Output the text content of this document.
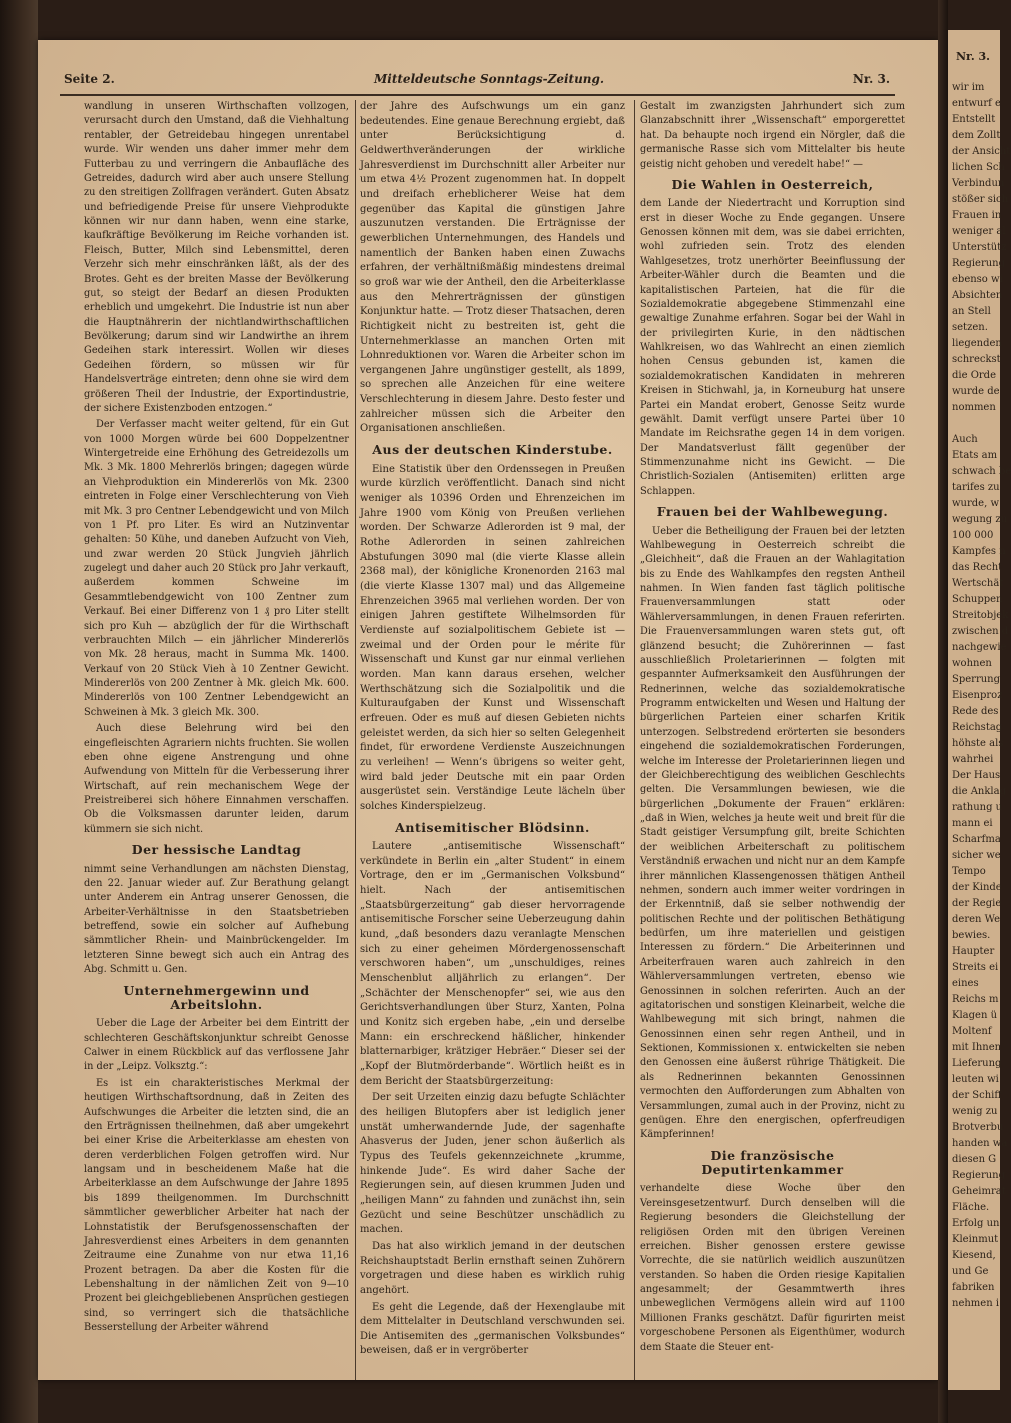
Seite 2.	Mitteldeutsche Sonntags-Zeitung.	Nr. 3.

wandlung in unseren Wirthschaften vollzogen, verursacht durch den Umstand, daß die Viehhaltung rentabler, der Getreidebau hingegen unrentabel wurde. Wir wenden uns daher immer mehr dem Futterbau zu und verringern die Anbaufläche des Getreides, dadurch wird aber auch unsere Stellung zu den streitigen Zollfragen verändert. Guten Absatz und befriedigende Preise für unsere Viehprodukte können wir nur dann haben, wenn eine starke, kaufkräftige Bevölkerung im Reiche vorhanden ist. Fleisch, Butter, Milch sind Lebensmittel, deren Verzehr sich mehr einschränken läßt, als der des Brotes. Geht es der breiten Masse der Bevölkerung gut, so steigt der Bedarf an diesen Produkten erheblich und umgekehrt. Die Industrie ist nun aber die Hauptnährerin der nichtlandwirthschaftlichen Bevölkerung; darum sind wir Landwirthe an ihrem Gedeihen stark interessirt. Wollen wir dieses Gedeihen fördern, so müssen wir für Handelsverträge eintreten; denn ohne sie wird dem größeren Theil der Industrie, der Exportindustrie, der sichere Existenzboden entzogen.“

Der Verfasser macht weiter geltend, für ein Gut von 1000 Morgen würde bei 600 Doppelzentner Wintergetreide eine Erhöhung des Getreidezolls um Mk. 3 Mk. 1800 Mehrerlös bringen; dagegen würde an Viehproduktion ein Mindererlös von Mk. 2300 eintreten in Folge einer Verschlechterung von Vieh mit Mk. 3 pro Centner Lebendgewicht und von Milch von 1 Pf. pro Liter. Es wird an Nutzinventar gehalten: 50 Kühe, und daneben Aufzucht von Vieh, und zwar werden 20 Stück Jungvieh jährlich zugelegt und daher auch 20 Stück pro Jahr verkauft, außerdem kommen Schweine im Gesammtlebendgewicht von 100 Zentner zum Verkauf. Bei einer Differenz von 1 ₰ pro Liter stellt sich pro Kuh — abzüglich der für die Wirthschaft verbrauchten Milch — ein jährlicher Mindererlös von Mk. 28 heraus, macht in Summa Mk. 1400. Verkauf von 20 Stück Vieh à 10 Zentner Gewicht. Mindererlös von 200 Zentner à Mk. gleich Mk. 600. Mindererlös von 100 Zentner Lebendgewicht an Schweinen à Mk. 3 gleich Mk. 300.

Auch diese Belehrung wird bei den eingefleischten Agrariern nichts fruchten. Sie wollen eben ohne eigene Anstrengung und ohne Aufwendung von Mitteln für die Verbesserung ihrer Wirtschaft, auf rein mechanischem Wege der Preistreiberei sich höhere Einnahmen verschaffen. Ob die Volksmassen darunter leiden, darum kümmern sie sich nicht.

Der hessische Landtag

nimmt seine Verhandlungen am nächsten Dienstag, den 22. Januar wieder auf. Zur Berathung gelangt unter Anderem ein Antrag unserer Genossen, die Arbeiter-Verhältnisse in den Staatsbetrieben betreffend, sowie ein solcher auf Aufhebung sämmtlicher Rhein- und Mainbrückengelder. Im letzteren Sinne bewegt sich auch ein Antrag des Abg. Schmitt u. Gen.

Unternehmergewinn und Arbeitslohn.

Ueber die Lage der Arbeiter bei dem Eintritt der schlechteren Geschäftskonjunktur schreibt Genosse Calwer in einem Rückblick auf das verflossene Jahr in der „Leipz. Volksztg.“:

Es ist ein charakteristisches Merkmal der heutigen Wirthschaftsordnung, daß in Zeiten des Aufschwunges die Arbeiter die letzten sind, die an den Erträgnissen theilnehmen, daß aber umgekehrt bei einer Krise die Arbeiterklasse am ehesten von deren verderblichen Folgen getroffen wird. Nur langsam und in bescheidenem Maße hat die Arbeiterklasse an dem Aufschwunge der Jahre 1895 bis 1899 theilgenommen. Im Durchschnitt sämmtlicher gewerblicher Arbeiter hat nach der Lohnstatistik der Berufsgenossenschaften der Jahresverdienst eines Arbeiters in dem genannten Zeitraume eine Zunahme von nur etwa 11,16 Prozent betragen. Da aber die Kosten für die Lebenshaltung in der nämlichen Zeit von 9—10 Prozent bei gleichgebliebenen Ansprüchen gestiegen sind, so verringert sich die thatsächliche Besserstellung der Arbeiter während

der Jahre des Aufschwungs um ein ganz bedeutendes. Eine genaue Berechnung ergiebt, daß unter Berücksichtigung d. Geldwerthveränderungen der wirkliche Jahresverdienst im Durchschnitt aller Arbeiter nur um etwa 4½ Prozent zugenommen hat. In doppelt und dreifach erheblicherer Weise hat dem gegenüber das Kapital die günstigen Jahre auszunutzen verstanden. Die Erträgnisse der gewerblichen Unternehmungen, des Handels und namentlich der Banken haben einen Zuwachs erfahren, der verhältnißmäßig mindestens dreimal so groß war wie der Antheil, den die Arbeiterklasse aus den Mehrerträgnissen der günstigen Konjunktur hatte. — Trotz dieser Thatsachen, deren Richtigkeit nicht zu bestreiten ist, geht die Unternehmerklasse an manchen Orten mit Lohnreduktionen vor. Waren die Arbeiter schon im vergangenen Jahre ungünstiger gestellt, als 1899, so sprechen alle Anzeichen für eine weitere Verschlechterung in diesem Jahre. Desto fester und zahlreicher müssen sich die Arbeiter den Organisationen anschließen.

Aus der deutschen Kinderstube.

Eine Statistik über den Ordenssegen in Preußen wurde kürzlich veröffentlicht. Danach sind nicht weniger als 10396 Orden und Ehrenzeichen im Jahre 1900 vom König von Preußen verliehen worden. Der Schwarze Adlerorden ist 9 mal, der Rothe Adlerorden in seinen zahlreichen Abstufungen 3090 mal (die vierte Klasse allein 2368 mal), der königliche Kronenorden 2163 mal (die vierte Klasse 1307 mal) und das Allgemeine Ehrenzeichen 3965 mal verliehen worden. Der von einigen Jahren gestiftete Wilhelmsorden für Verdienste auf sozialpolitischem Gebiete ist — zweimal und der Orden pour le mérite für Wissenschaft und Kunst gar nur einmal verliehen worden. Man kann daraus ersehen, welcher Werthschätzung sich die Sozialpolitik und die Kulturaufgaben der Kunst und Wissenschaft erfreuen. Oder es muß auf diesen Gebieten nichts geleistet werden, da sich hier so selten Gelegenheit findet, für erwordene Verdienste Auszeichnungen zu verleihen! — Wenn’s übrigens so weiter geht, wird bald jeder Deutsche mit ein paar Orden ausgerüstet sein. Verständige Leute lächeln über solches Kinderspielzeug.

Antisemitischer Blödsinn.

Lautere „antisemitische Wissenschaft“ verkündete in Berlin ein „alter Student“ in einem Vortrage, den er im „Germanischen Volksbund“ hielt. Nach der antisemitischen „Staatsbürgerzeitung“ gab dieser hervorragende antisemitische Forscher seine Ueberzeugung dahin kund, „daß besonders dazu veranlagte Menschen sich zu einer geheimen Mördergenossenschaft verschworen haben“, um „unschuldiges, reines Menschenblut alljährlich zu erlangen“. Der „Schächter der Menschenopfer“ sei, wie aus den Gerichtsverhandlungen über Sturz, Xanten, Polna und Konitz sich ergeben habe, „ein und derselbe Mann: ein erschreckend häßlicher, hinkender blatternarbiger, krätziger Hebräer.“ Dieser sei der „Kopf der Blutmörderbande“. Wörtlich heißt es in dem Bericht der Staatsbürgerzeitung:

Der seit Urzeiten einzig dazu befugte Schlächter des heiligen Blutopfers aber ist lediglich jener unstät umherwandernde Jude, der sagenhafte Ahasverus der Juden, jener schon äußerlich als Typus des Teufels gekennzeichnete „krumme, hinkende Jude“. Es wird daher Sache der Regierungen sein, auf diesen krummen Juden und „heiligen Mann“ zu fahnden und zunächst ihn, sein Gezücht und seine Beschützer unschädlich zu machen.

Das hat also wirklich jemand in der deutschen Reichshauptstadt Berlin ernsthaft seinen Zuhörern vorgetragen und diese haben es wirklich ruhig angehört.

Es geht die Legende, daß der Hexenglaube mit dem Mittelalter in Deutschland verschwunden sei. Die Antisemiten des „germanischen Volksbundes“ beweisen, daß er in vergröberter

Gestalt im zwanzigsten Jahrhundert sich zum Glanzabschnitt ihrer „Wissenschaft“ emporgerettet hat. Da behaupte noch irgend ein Nörgler, daß die germanische Rasse sich vom Mittelalter bis heute geistig nicht gehoben und veredelt habe!“ —

Die Wahlen in Oesterreich,

dem Lande der Niedertracht und Korruption sind erst in dieser Woche zu Ende gegangen. Unsere Genossen können mit dem, was sie dabei errichten, wohl zufrieden sein. Trotz des elenden Wahlgesetzes, trotz unerhörter Beeinflussung der Arbeiter-Wähler durch die Beamten und die kapitalistischen Parteien, hat die für die Sozialdemokratie abgegebene Stimmenzahl eine gewaltige Zunahme erfahren. Sogar bei der Wahl in der privilegirten Kurie, in den nädtischen Wahlkreisen, wo das Wahlrecht an einen ziemlich hohen Census gebunden ist, kamen die sozialdemokratischen Kandidaten in mehreren Kreisen in Stichwahl, ja, in Korneuburg hat unsere Partei ein Mandat erobert, Genosse Seitz wurde gewählt. Damit verfügt unsere Partei über 10 Mandate im Reichsrathe gegen 14 in dem vorigen. Der Mandatsverlust fällt gegenüber der Stimmenzunahme nicht ins Gewicht. — Die Christlich-Sozialen (Antisemiten) erlitten arge Schlappen.

Frauen bei der Wahlbewegung.

Ueber die Betheiligung der Frauen bei der letzten Wahlbewegung in Oesterreich schreibt die „Gleichheit“, daß die Frauen an der Wahlagitation bis zu Ende des Wahlkampfes den regsten Antheil nahmen. In Wien fanden fast täglich politische Frauenversammlungen statt oder Wählerversammlungen, in denen Frauen referirten. Die Frauenversammlungen waren stets gut, oft glänzend besucht; die Zuhörerinnen — fast ausschließlich Proletarierinnen — folgten mit gespannter Aufmerksamkeit den Ausführungen der Rednerinnen, welche das sozialdemokratische Programm entwickelten und Wesen und Haltung der bürgerlichen Parteien einer scharfen Kritik unterzogen. Selbstredend erörterten sie besonders eingehend die sozialdemokratischen Forderungen, welche im Interesse der Proletarierinnen liegen und der Gleichberechtigung des weiblichen Geschlechts gelten. Die Versammlungen bewiesen, wie die bürgerlichen „Dokumente der Frauen“ erklären: „daß in Wien, welches ja heute weit und breit für die Stadt geistiger Versumpfung gilt, breite Schichten der weiblichen Arbeiterschaft zu politischem Verständniß erwachen und nicht nur an dem Kampfe ihrer männlichen Klassengenossen thätigen Antheil nehmen, sondern auch immer weiter vordringen in der Erkenntniß, daß sie selber nothwendig der politischen Rechte und der politischen Bethätigung bedürfen, um ihre materiellen und geistigen Interessen zu fördern.“ Die Arbeiterinnen und Arbeiterfrauen waren auch zahlreich in den Wählerversammlungen vertreten, ebenso wie Genossinnen in solchen referirten. Auch an der agitatorischen und sonstigen Kleinarbeit, welche die Wahlbewegung mit sich bringt, nahmen die Genossinnen einen sehr regen Antheil, und in Sektionen, Kommissionen x. entwickelten sie neben den Genossen eine äußerst rührige Thätigkeit. Die als Rednerinnen bekannten Genossinnen vermochten den Aufforderungen zum Abhalten von Versammlungen, zumal auch in der Provinz, nicht zu genügen. Ehre den energischen, opferfreudigen Kämpferinnen!

Die französische Deputirtenkammer

verhandelte diese Woche über den Vereinsgesetzentwurf. Durch denselben will die Regierung besonders die Gleichstellung der religiösen Orden mit den übrigen Vereinen erreichen. Bisher genossen erstere gewisse Vorrechte, die sie natürlich weidlich auszunützen verstanden. So haben die Orden riesige Kapitalien angesammelt; der Gesammtwerth ihres unbeweglichen Vermögens allein wird auf 1100 Millionen Franks geschätzt. Dafür figurirten meist vorgeschobene Personen als Eigenthümer, wodurch dem Staate die Steuer ent-

Nr. 3.
wir im
entwurf e
Entstellt
dem Zollt
der Ansicht
lichen Sch
Verbindun
stößer sich
Frauen in
weniger al
Unterstütz
Regierung
ebenso wi
Absichten
an Stell
setzen.
liegenden
schreckst
die Orde
wurde de
nommen

Auch
Etats am
schwach be
tarifes zu
wurde, w
wegung zu
100 000
Kampfes n
das Recht
Wertschät
Schuppen
Streitobjek
zwischen d
nachgewie
wohnen
Sperrung
Eisenproz
Rede des
Reichstag
höhste als
wahrhei
Der Haus
die Anklag
rathung u
mann ei
Scharfma
sicher we
Tempo
der Kinde
der Regie
deren We
bewies.
Haupter
Streits ei
eines
Reichs m
Klagen ü
Moltenf
mit Ihnen
Lieferung
leuten wi
der Schiff
wenig zu
Brotverbu
handen wa
diesen G
Regierung
Geheimrat
Fläche.
Erfolg un
Kleinmut
Kiesend,
und Ge
fabriken
nehmen i
